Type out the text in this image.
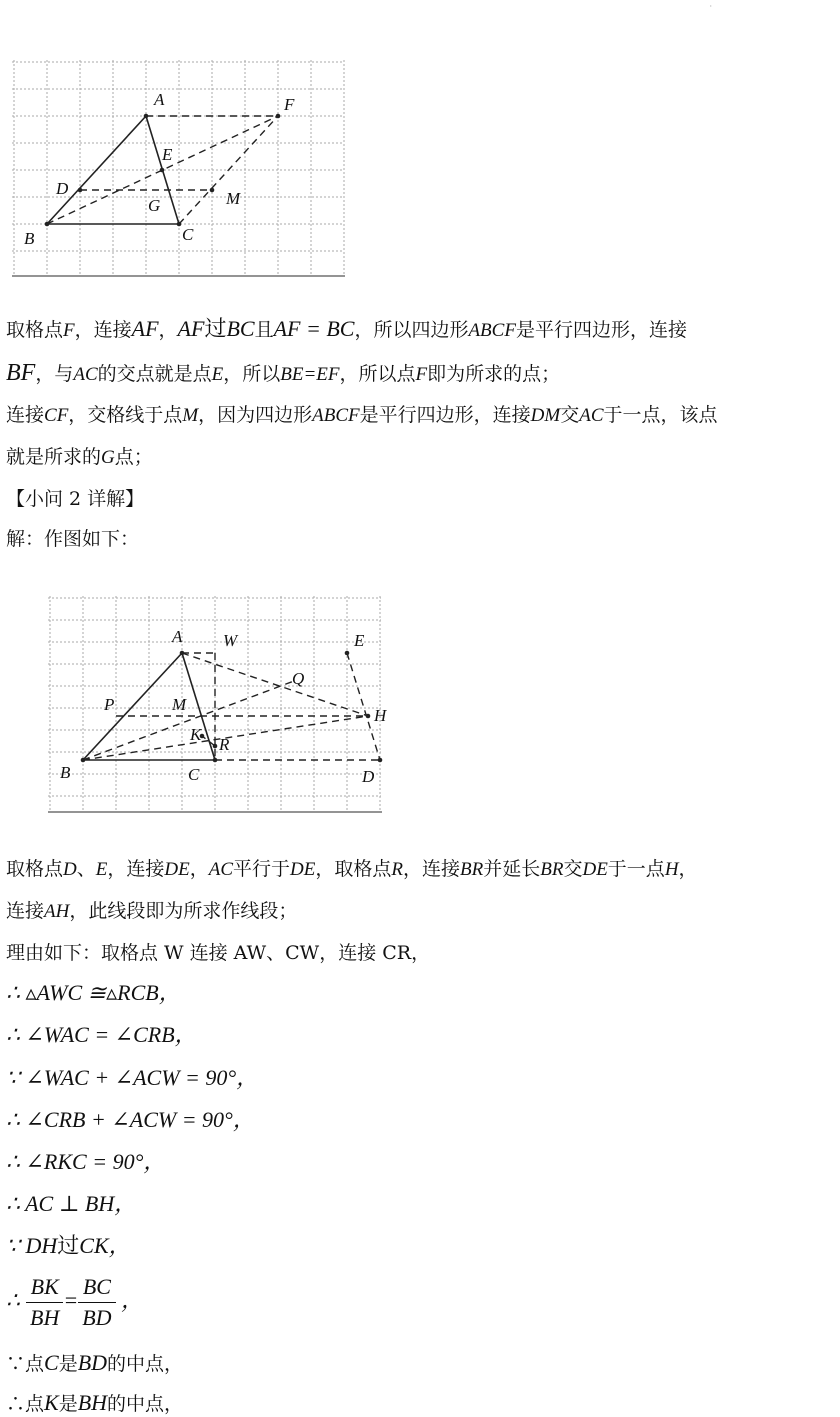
·
A	F
E
D
G	M
B	C
取格点F，连接AF，AF过BC且AF = BC，所以四边形ABCF是平行四边形，连接
BF，与AC的交点就是点E，所以BE=EF，所以点F即为所求的点；
连接CF，交格线于点M，因为四边形ABCF是平行四边形，连接DM交AC于一点，该点
就是所求的G点；
【小问 2 详解】
解：作图如下：
A W	E
Q
P	M
H
K
R
B	C	D
取格点D、E，连接DE，AC平行于DE，取格点R，连接BR并延长BR交DE于一点H，
连接AH，此线段即为所求作线段；
理由如下：取格点 W 连接 AW、CW，连接 CR，
∴ ▵AWC ≅▵RCB，
∴ ∠WAC = ∠CRB，
∵ ∠WAC + ∠ACW = 90°，
∴ ∠CRB + ∠ACW = 90°，
∴ ∠RKC = 90°，
∴ AC ⊥ BH，
∵ DH过CK，
∴ $\frac{BK}{BH} = \frac{BC}{BD}$ ，
∵点C是BD的中点，
∴点K是BH的中点，
